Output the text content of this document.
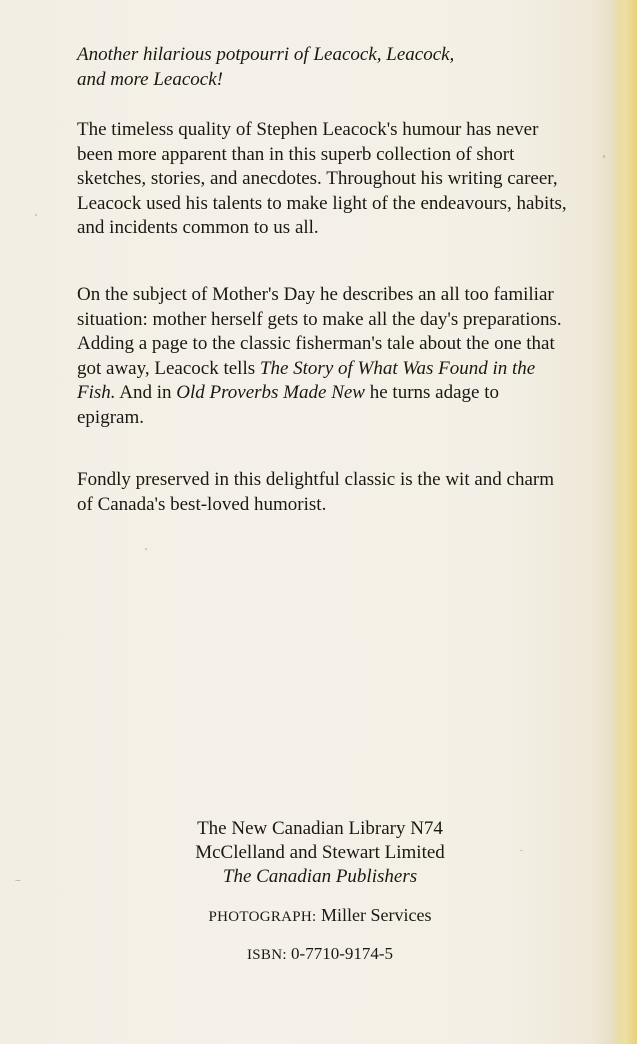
Another hilarious potpourri of Leacock, Leacock,
and more Leacock!

The timeless quality of Stephen Leacock's humour has never been more apparent than in this superb collection of short sketches, stories, and anecdotes. Throughout his writing career, Leacock used his talents to make light of the endeavours, habits, and incidents common to us all.

On the subject of Mother's Day he describes an all too familiar situation: mother herself gets to make all the day's preparations. Adding a page to the classic fisherman's tale about the one that got away, Leacock tells The Story of What Was Found in the Fish. And in Old Proverbs Made New he turns adage to epigram.

Fondly preserved in this delightful classic is the wit and charm of Canada's best-loved humorist.

The New Canadian Library N74
McClelland and Stewart Limited
The Canadian Publishers
PHOTOGRAPH: Miller Services
ISBN: 0-7710-9174-5
